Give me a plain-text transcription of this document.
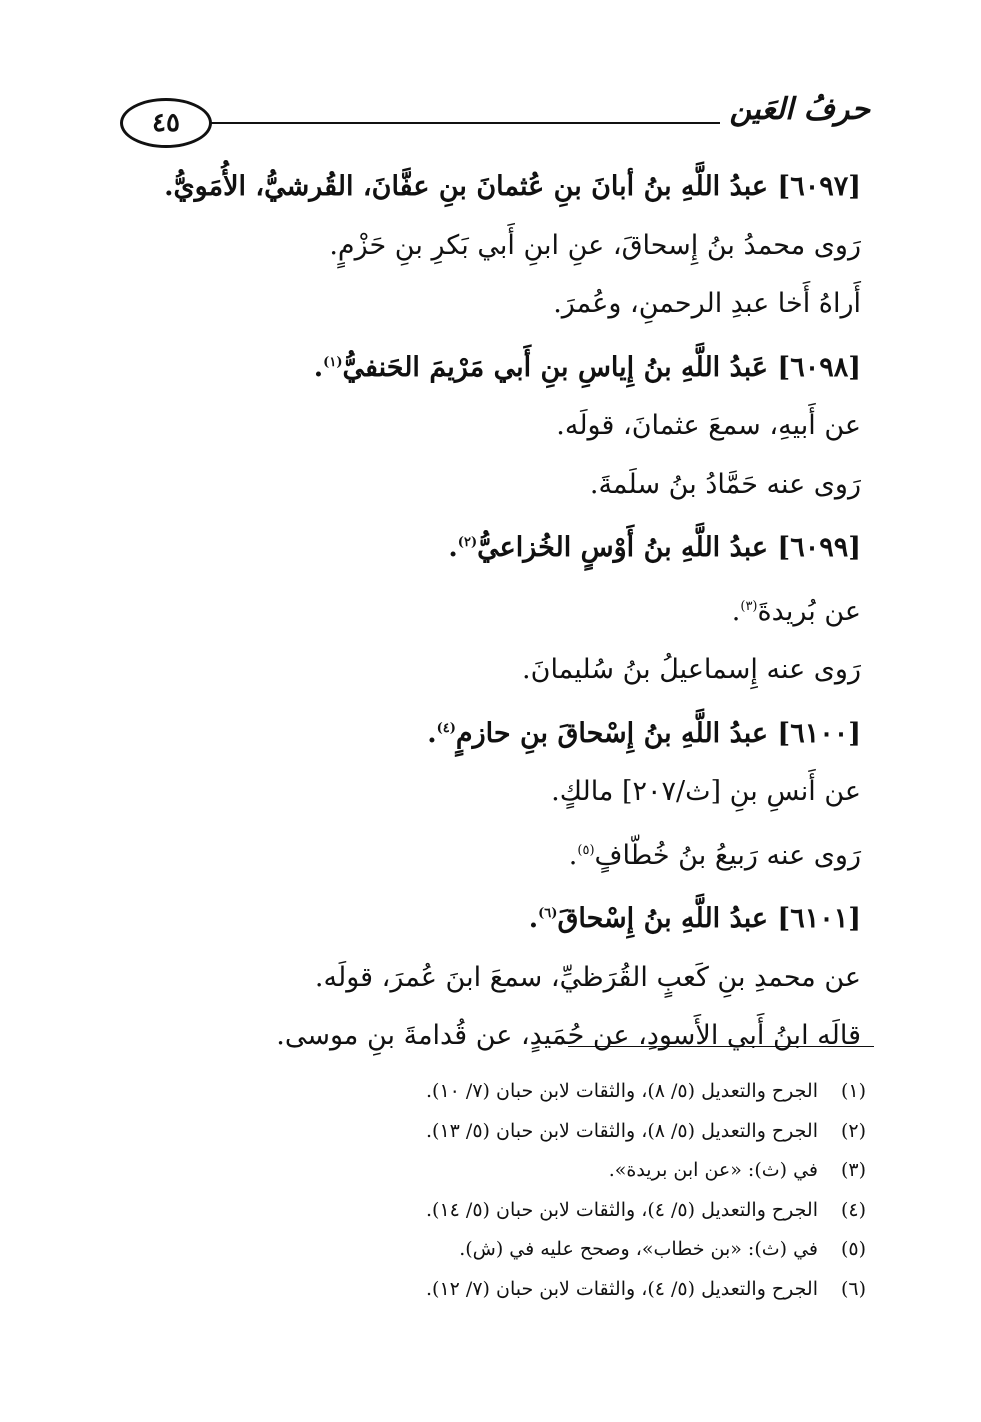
٤٥	حرفُ العَين
[٦٠٩٧] عبدُ اللَّهِ بنُ أبانَ بنِ عُثمانَ بنِ عفَّانَ، القُرشيُّ، الأُمَويُّ.
رَوى محمدُ بنُ إِسحاقَ، عنِ ابنِ أَبي بَكرِ بنِ حَزْمٍ.
أَراهُ أَخا عبدِ الرحمنِ، وعُمرَ.
[٦٠٩٨] عَبدُ اللَّهِ بنُ إِياسِ بنِ أَبي مَرْيمَ الحَنفيُّ$^{(١)}$.
عن أَبيهِ، سمعَ عثمانَ، قولَه.
رَوى عنه حَمَّادُ بنُ سلَمةَ.
[٦٠٩٩] عبدُ اللَّهِ بنُ أَوْسٍ الخُزاعيُّ$^{(٢)}$.
عن بُريدةَ$^{(٣)}$.
رَوى عنه إِسماعيلُ بنُ سُليمانَ.
[٦١٠٠] عبدُ اللَّهِ بنُ إِسْحاقَ بنِ حازمٍ$^{(٤)}$.
عن أَنسِ بنِ [ث/٢٠٧] مالكٍ.
رَوى عنه رَبيعُ بنُ خُطّافٍ$^{(٥)}$.
[٦١٠١] عبدُ اللَّهِ بنُ إِسْحاقَ$^{(٦)}$.
عن محمدِ بنِ كَعبٍ القُرَظيِّ، سمعَ ابنَ عُمرَ، قولَه.
قالَه ابنُ أَبي الأَسودِ، عن حُمَيدٍ، عن قُدامةَ بنِ موسى.
(١)الجرح والتعديل (٥/ ٨)، والثقات لابن حبان (٧/ ١٠).
(٢)الجرح والتعديل (٥/ ٨)، والثقات لابن حبان (٥/ ١٣).
(٣)في (ث): «عن ابن بريدة».
(٤)الجرح والتعديل (٥/ ٤)، والثقات لابن حبان (٥/ ١٤).
(٥)في (ث): «بن خطاب»، وصحح عليه في (ش).
(٦)الجرح والتعديل (٥/ ٤)، والثقات لابن حبان (٧/ ١٢).
